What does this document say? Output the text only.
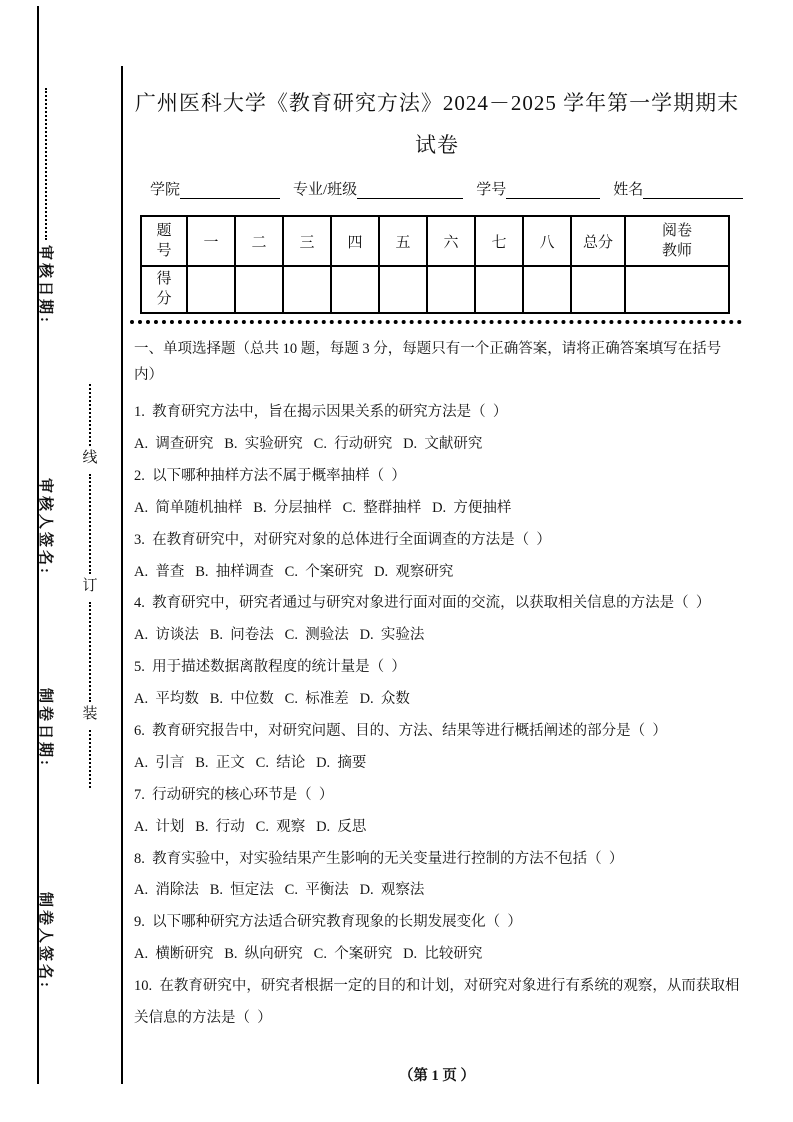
审核日期:
审核人签名:
制卷日期:
制卷人签名:
线
订
装
广州医科大学《教育研究方法》2024－2025 学年第一学期期末试卷
学院	专业/班级	学号	姓名
题号	一	二	三	四	五	六	七	八	总分	阅卷教师
得分										
一、单项选择题（总共 10 题，每题 3 分，每题只有一个正确答案，请将正确答案填写在括号内）
1.  教育研究方法中，旨在揭示因果关系的研究方法是（  ）
A.  调查研究   B.  实验研究   C.  行动研究   D.  文献研究
2.  以下哪种抽样方法不属于概率抽样（  ）
A.  简单随机抽样   B.  分层抽样   C.  整群抽样   D.  方便抽样
3.  在教育研究中，对研究对象的总体进行全面调查的方法是（  ）
A.  普查   B.  抽样调查   C.  个案研究   D.  观察研究
4.  教育研究中，研究者通过与研究对象进行面对面的交流，以获取相关信息的方法是（  ）
A.  访谈法   B.  问卷法   C.  测验法   D.  实验法
5.  用于描述数据离散程度的统计量是（  ）
A.  平均数   B.  中位数   C.  标准差   D.  众数
6.  教育研究报告中，对研究问题、目的、方法、结果等进行概括阐述的部分是（  ）
A.  引言   B.  正文   C.  结论   D.  摘要
7.  行动研究的核心环节是（  ）
A.  计划   B.  行动   C.  观察   D.  反思
8.  教育实验中，对实验结果产生影响的无关变量进行控制的方法不包括（  ）
A.  消除法   B.  恒定法   C.  平衡法   D.  观察法
9.  以下哪种研究方法适合研究教育现象的长期发展变化（  ）
A.  横断研究   B.  纵向研究   C.  个案研究   D.  比较研究
10.  在教育研究中，研究者根据一定的目的和计划，对研究对象进行有系统的观察，从而获取相关信息的方法是（  ）
（第 1 页 ）
